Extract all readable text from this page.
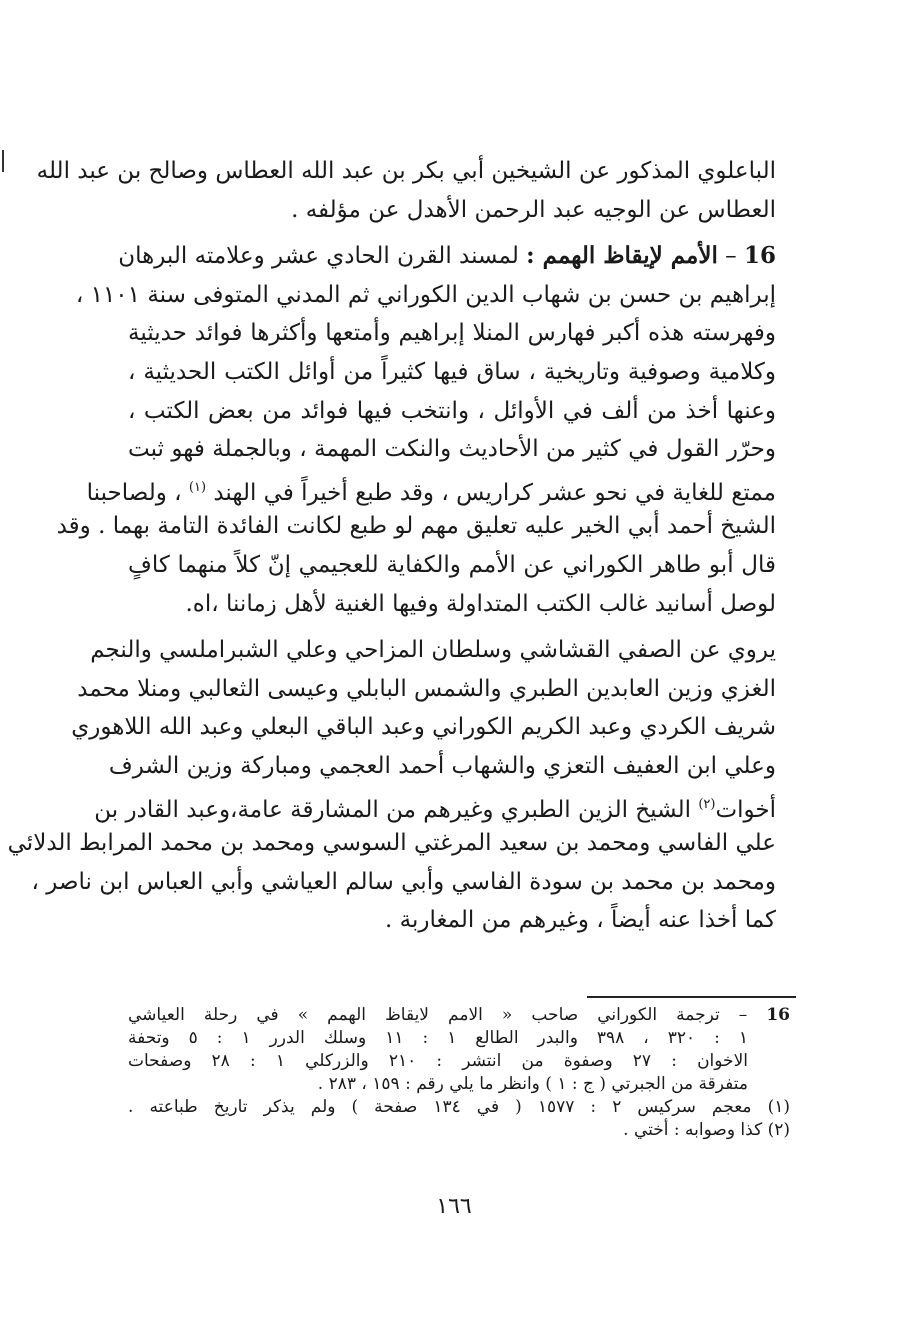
الباعلوي المذكور عن الشيخين أبي بكر بن عبد الله العطاس وصالح بن عبد الله
العطاس عن الوجيه عبد الرحمن الأهدل عن مؤلفه .
16 – الأمم لإيقاظ الهمم : لمسند القرن الحادي عشر وعلامته البرهان
إبراهيم بن حسن بن شهاب الدين الكوراني ثم المدني المتوفى سنة ١١٠١ ،
وفهرسته هذه أكبر فهارس المنلا إبراهيم وأمتعها وأكثرها فوائد حديثية
وكلامية وصوفية وتاريخية ، ساق فيها كثيراً من أوائل الكتب الحديثية ،
وعنها أخذ من ألف في الأوائل ، وانتخب فيها فوائد من بعض الكتب ،
وحرّر القول في كثير من الأحاديث والنكت المهمة ، وبالجملة فهو ثبت
ممتع للغاية في نحو عشر كراريس ، وقد طبع أخيراً في الهند $^{(١)}$ ، ولصاحبنا
الشيخ أحمد أبي الخير عليه تعليق مهم لو طبع لكانت الفائدة التامة بهما . وقد
قال أبو طاهر الكوراني عن الأمم والكفاية للعجيمي إنّ كلاً منهما كافٍ
لوصل أسانيد غالب الكتب المتداولة وفيها الغنية لأهل زماننا ،اه.
يروي عن الصفي القشاشي وسلطان المزاحي وعلي الشبراملسي والنجم
الغزي وزين العابدين الطبري والشمس البابلي وعيسى الثعالبي ومنلا محمد
شريف الكردي وعبد الكريم الكوراني وعبد الباقي البعلي وعبد الله اللاهوري
وعلي ابن العفيف التعزي والشهاب أحمد العجمي ومباركة وزين الشرف
أخوات$^{(٢)}$ الشيخ الزين الطبري وغيرهم من المشارقة عامة،وعبد القادر بن
علي الفاسي ومحمد بن سعيد المرغتي السوسي ومحمد بن محمد المرابط الدلائي
ومحمد بن محمد بن سودة الفاسي وأبي سالم العياشي وأبي العباس ابن ناصر ،
كما أخذا عنه أيضاً ، وغيرهم من المغاربة .
16 – ترجمة الكوراني صاحب « الامم لايقاظ الهمم » في رحلة العياشي
١ : ٣٢٠ ، ٣٩٨ والبدر الطالع ١ : ١١ وسلك الدرر ١ : ٥ وتحفة
الاخوان : ٢٧ وصفوة من انتشر : ٢١٠ والزركلي ١ : ٢٨ وصفحات
متفرقة من الجبرتي ( ج : ١ ) وانظر ما يلي رقم : ١٥٩ ، ٢٨٣ .
(١) معجم سركيس ٢ : ١٥٧٧ ( في ١٣٤ صفحة ) ولم يذكر تاريخ طباعته .
(٢) كذا وصوابه : أختي .
١٦٦
